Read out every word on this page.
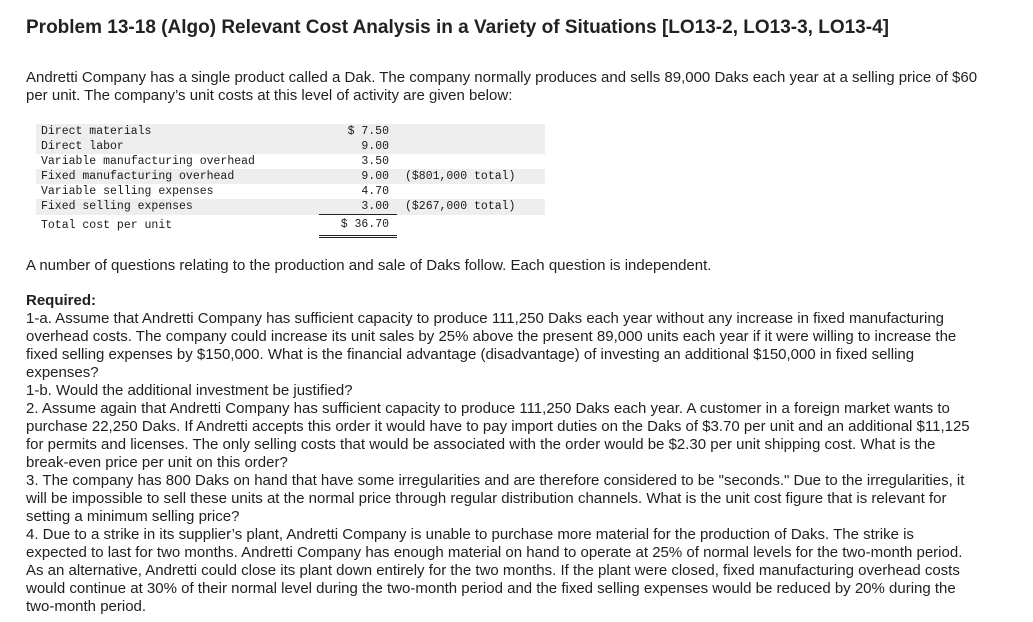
Problem 13-18 (Algo) Relevant Cost Analysis in a Variety of Situations [LO13-2, LO13-3, LO13-4]

Andretti Company has a single product called a Dak. The company normally produces and sells 89,000 Daks each year at a selling price of $60 per unit. The company’s unit costs at this level of activity are given below:

Direct materials	$ 7.50	
Direct labor	9.00	
Variable manufacturing overhead	3.50	
Fixed manufacturing overhead	9.00	($801,000 total)
Variable selling expenses	4.70	
Fixed selling expenses	3.00	($267,000 total)
Total cost per unit	$ 36.70	

A number of questions relating to the production and sale of Daks follow. Each question is independent.

Required:

1-a. Assume that Andretti Company has sufficient capacity to produce 111,250 Daks each year without any increase in fixed manufacturing overhead costs. The company could increase its unit sales by 25% above the present 89,000 units each year if it were willing to increase the fixed selling expenses by $150,000. What is the financial advantage (disadvantage) of investing an additional $150,000 in fixed selling expenses?

1-b. Would the additional investment be justified?

2. Assume again that Andretti Company has sufficient capacity to produce 111,250 Daks each year. A customer in a foreign market wants to purchase 22,250 Daks. If Andretti accepts this order it would have to pay import duties on the Daks of $3.70 per unit and an additional $11,125 for permits and licenses. The only selling costs that would be associated with the order would be $2.30 per unit shipping cost. What is the break-even price per unit on this order?

3. The company has 800 Daks on hand that have some irregularities and are therefore considered to be "seconds." Due to the irregularities, it will be impossible to sell these units at the normal price through regular distribution channels. What is the unit cost figure that is relevant for setting a minimum selling price?

4. Due to a strike in its supplier’s plant, Andretti Company is unable to purchase more material for the production of Daks. The strike is expected to last for two months. Andretti Company has enough material on hand to operate at 25% of normal levels for the two-month period. As an alternative, Andretti could close its plant down entirely for the two months. If the plant were closed, fixed manufacturing overhead costs would continue at 30% of their normal level during the two-month period and the fixed selling expenses would be reduced by 20% during the two-month period.
